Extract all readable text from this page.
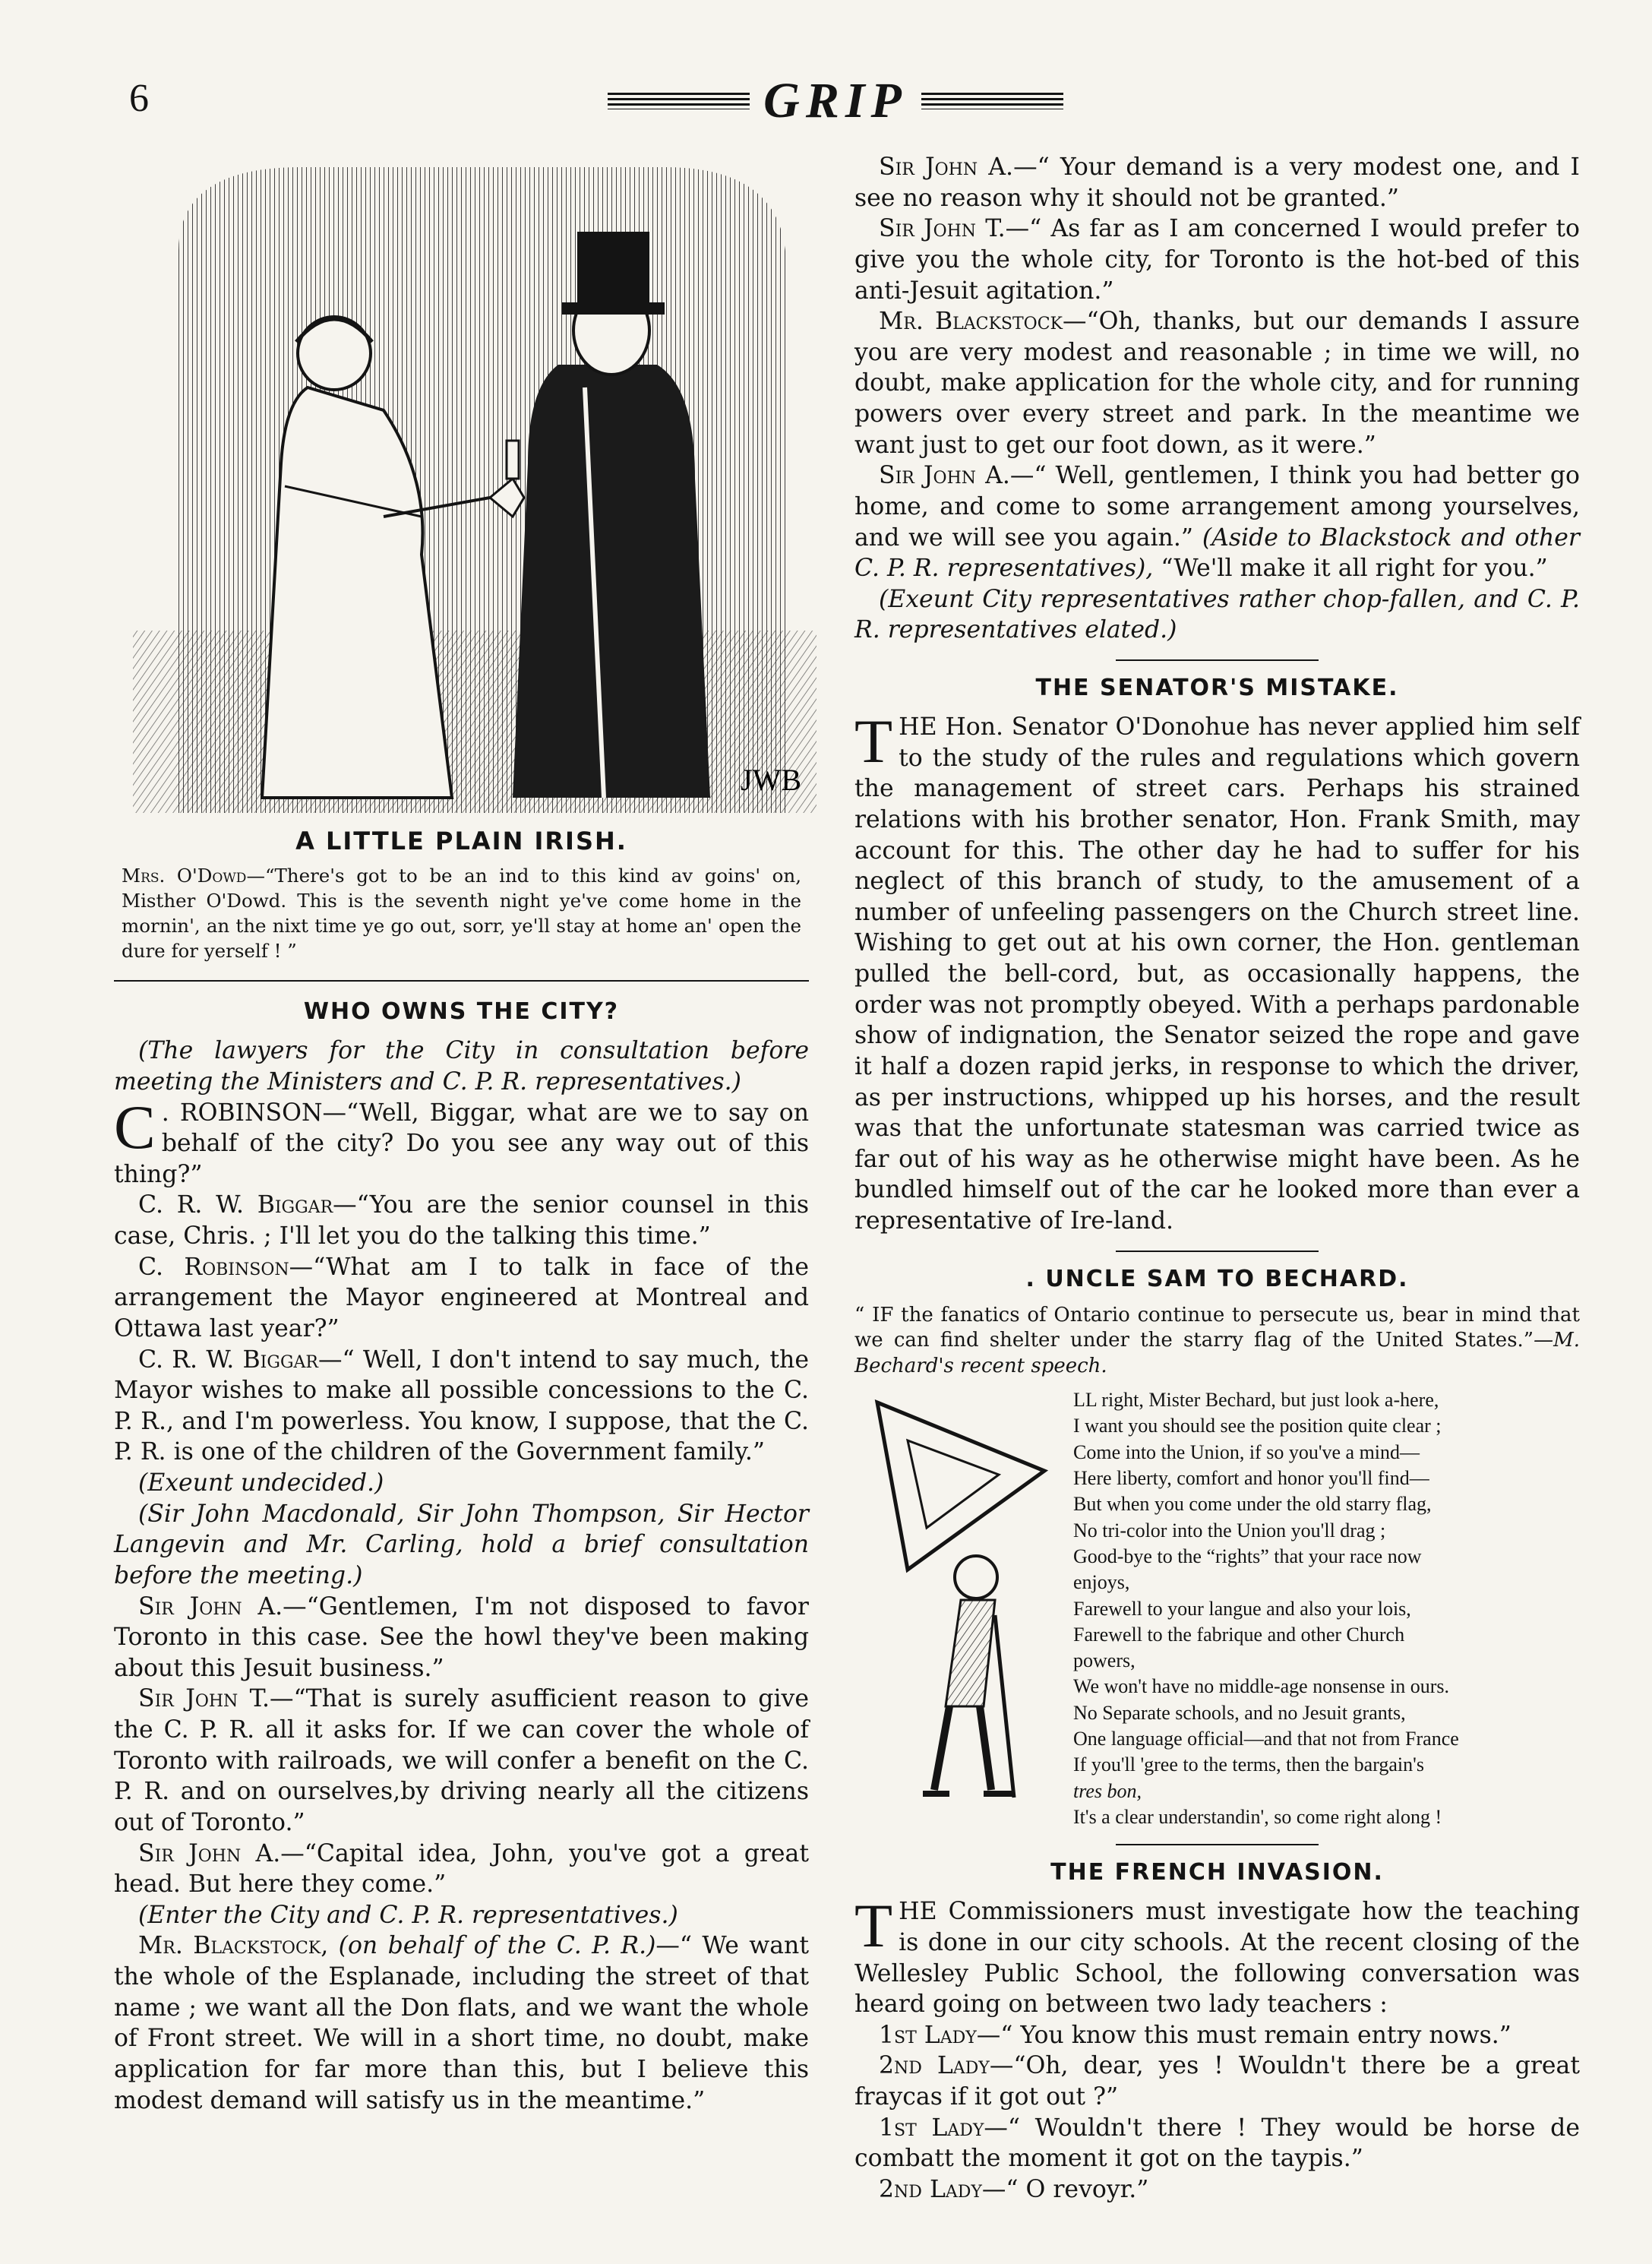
6	GRIP
JWB
A LITTLE PLAIN IRISH.
Mrs. O'Dowd—“There's got to be an ind to this kind av goins' on, Misther O'Dowd. This is the seventh night ye've come home in the mornin', an the nixt time ye go out, sorr, ye'll stay at home an' open the dure for yerself ! ”
WHO OWNS THE CITY?

(The lawyers for the City in consultation before meeting the Ministers and C. P. R. representatives.)

C . ROBINSON—“Well, Biggar, what are we to say on behalf of the city? Do you see any way out of this thing?”

C. R. W. Biggar—“You are the senior counsel in this case, Chris. ; I'll let you do the talking this time.”

C. Robinson—“What am I to talk in face of the arrangement the Mayor engineered at Montreal and Ottawa last year?”

C. R. W. Biggar—“ Well, I don't intend to say much, the Mayor wishes to make all possible concessions to the C. P. R., and I'm powerless. You know, I suppose, that the C. P. R. is one of the children of the Government family.”

(Exeunt undecided.)

(Sir John Macdonald, Sir John Thompson, Sir Hector Langevin and Mr. Carling, hold a brief consultation before the meeting.)

Sir John A.—“Gentlemen, I'm not disposed to favor Toronto in this case. See the howl they've been making about this Jesuit business.”

Sir John T.—“That is surely asufficient reason to give the C. P. R. all it asks for. If we can cover the whole of Toronto with railroads, we will confer a benefit on the C. P. R. and on ourselves,by driving nearly all the citizens out of Toronto.”

Sir John A.—“Capital idea, John, you've got a great head. But here they come.”

(Enter the City and C. P. R. representatives.)

Mr. Blackstock, (on behalf of the C. P. R.)—“ We want the whole of the Esplanade, including the street of that name ; we want all the Don flats, and we want the whole of Front street. We will in a short time, no doubt, make application for far more than this, but I believe this modest demand will satisfy us in the meantime.”

Sir John A.—“ Your demand is a very modest one, and I see no reason why it should not be granted.”

Sir John T.—“ As far as I am concerned I would prefer to give you the whole city, for Toronto is the hot-bed of this anti-Jesuit agitation.”

Mr. Blackstock—“Oh, thanks, but our demands I assure you are very modest and reasonable ; in time we will, no doubt, make application for the whole city, and for running powers over every street and park. In the meantime we want just to get our foot down, as it were.”

Sir John A.—“ Well, gentlemen, I think you had better go home, and come to some arrangement among yourselves, and we will see you again.” (Aside to Blackstock and other C. P. R. representatives), “We'll make it all right for you.”

(Exeunt City representatives rather chop-fallen, and C. P. R. representatives elated.)

THE SENATOR'S MISTAKE.

THE Hon. Senator O'Donohue has never applied him self to the study of the rules and regulations which govern the management of street cars. Perhaps his strained relations with his brother senator, Hon. Frank Smith, may account for this. The other day he had to suffer for his neglect of this branch of study, to the amusement of a number of unfeeling passengers on the Church street line. Wishing to get out at his own corner, the Hon. gentleman pulled the bell-cord, but, as occasionally happens, the order was not promptly obeyed. With a perhaps pardonable show of indignation, the Senator seized the rope and gave it half a dozen rapid jerks, in response to which the driver, as per instructions, whipped up his horses, and the result was that the unfortunate statesman was carried twice as far out of his way as he otherwise might have been. As he bundled himself out of the car he looked more than ever a representative of Ire-land.

. UNCLE SAM TO BECHARD.

“ IF the fanatics of Ontario continue to persecute us, bear in mind that we can find shelter under the starry flag of the United States.”—M. Bechard's recent speech.

LL right, Mister Bechard, but just look a-here,
I want you should see the position quite clear ;
Come into the Union, if so you've a mind—
Here liberty, comfort and honor you'll find—
But when you come under the old starry flag,
No tri-color into the Union you'll drag ;
Good-bye to the “rights” that your race now
enjoys,
Farewell to your langue and also your lois,
Farewell to the fabrique and other Church
powers,
We won't have no middle-age nonsense in ours.
No Separate schools, and no Jesuit grants,
One language official—and that not from France
If you'll 'gree to the terms, then the bargain's
tres bon,
It's a clear understandin', so come right along !
THE FRENCH INVASION.

THE Commissioners must investigate how the teaching is done in our city schools. At the recent closing of the Wellesley Public School, the following conversation was heard going on between two lady teachers :

1st Lady—“ You know this must remain entry nows.”

2nd Lady—“Oh, dear, yes ! Wouldn't there be a great fraycas if it got out ?”

1st Lady—“ Wouldn't there ! They would be horse de combatt the moment it got on the taypis.”

2nd Lady—“ O revoyr.”
